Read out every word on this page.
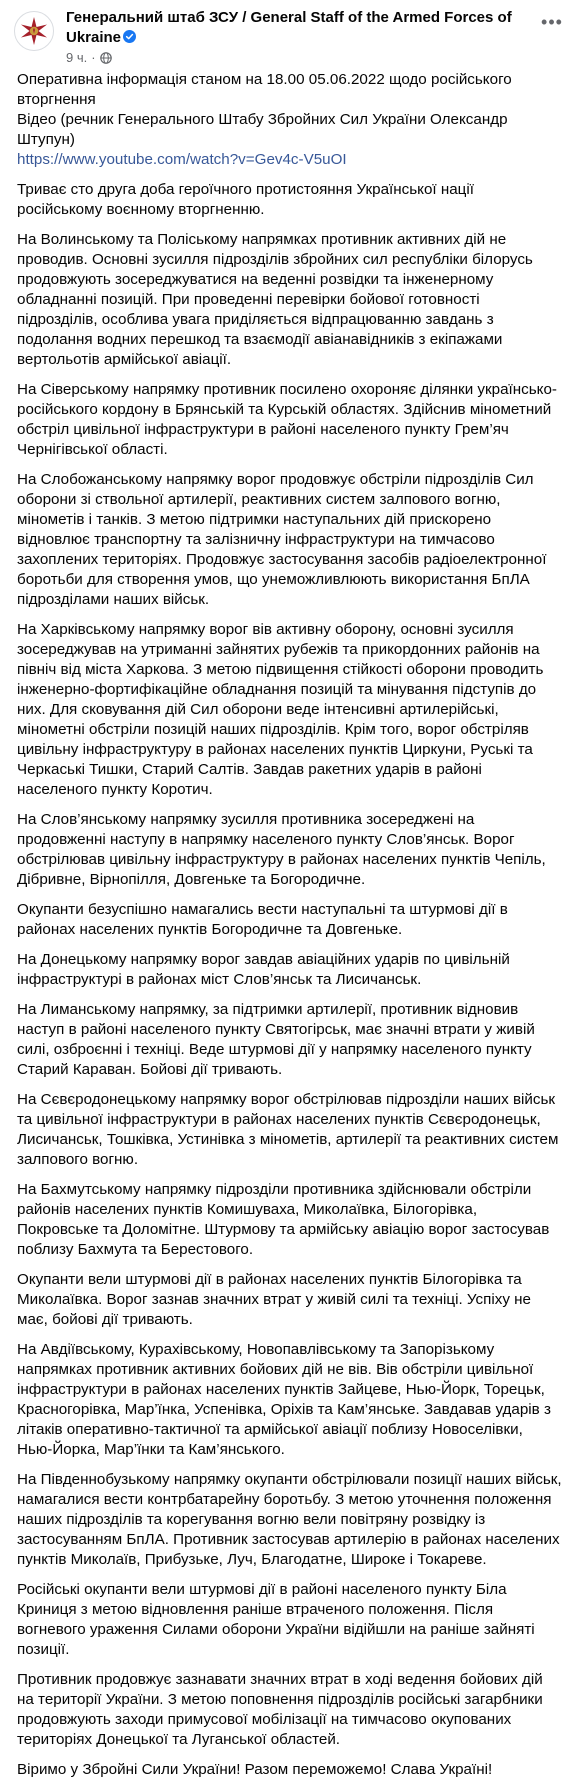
Генеральний штаб ЗСУ / General Staff of the Armed Forces of Ukraine
9 ч. ·
•••

Оперативна інформація станом на 18.00 05.06.2022 щодо російського вторгнення
Відео (речник Генерального Штабу Збройних Сил України Олександр Штупун)
https://www.youtube.com/watch?v=Gev4c-V5uOI

Триває сто друга доба героїчного протистояння Української нації російському воєнному вторгненню.

На Волинському та Поліському напрямках противник активних дій не проводив. Основні зусилля підрозділів збройних сил республіки білорусь продовжують зосереджуватися на веденні розвідки та інженерному обладнанні позицій. При проведенні перевірки бойової готовності підрозділів, особлива увага приділяється відпрацюванню завдань з подолання водних перешкод та взаємодії авіанавідників з екіпажами вертольотів армійської авіації.

На Сіверському напрямку противник посилено охороняє ділянки українсько-російського кордону в Брянській та Курській областях. Здійснив мінометний обстріл цивільної інфраструктури в районі населеного пункту Грем’яч Чернігівської області.

На Слобожанському напрямку ворог продовжує обстріли підрозділів Сил оборони зі ствольної артилерії, реактивних систем залпового вогню, мінометів і танків. З метою підтримки наступальних дій прискорено відновлює транспортну та залізничну інфраструктури на тимчасово захоплених територіях. Продовжує застосування засобів радіоелектронної боротьби для створення умов, що унеможливлюють використання БпЛА підрозділами наших військ.

На Харківському напрямку ворог вів активну оборону, основні зусилля зосереджував на утриманні зайнятих рубежів та прикордонних районів на північ від міста Харкова. З метою підвищення стійкості оборони проводить інженерно-фортифікаційне обладнання позицій та мінування підступів до них. Для сковування дій Сил оборони веде інтенсивні артилерійські, мінометні обстріли позицій наших підрозділів. Крім того, ворог обстріляв цивільну інфраструктуру в районах населених пунктів Циркуни, Руські та Черкаські Тишки, Старий Салтів. Завдав ракетних ударів в районі населеного пункту Коротич.

На Слов’янському напрямку зусилля противника зосереджені на продовженні наступу в напрямку населеного пункту Слов’янськ. Ворог обстрілював цивільну інфраструктуру в районах населених пунктів Чепіль, Дібривне, Вірнопілля, Довгеньке та Богородичне.

Окупанти безуспішно намагались вести наступальні та штурмові дії в районах населених пунктів Богородичне та Довгеньке.

На Донецькому напрямку ворог завдав авіаційних ударів по цивільній інфраструктурі в районах міст Слов’янськ та Лисичанськ.

На Лиманському напрямку, за підтримки артилерії, противник відновив наступ в районі населеного пункту Святогірськ, має значні втрати у живій силі, озброєнні і техніці. Веде штурмові дії у напрямку населеного пункту Старий Караван. Бойові дії тривають.

На Сєвєродонецькому напрямку ворог обстрілював підрозділи наших військ та цивільної інфраструктури в районах населених пунктів Сєвєродонецьк, Лисичанськ, Тошківка, Устинівка з мінометів, артилерії та реактивних систем залпового вогню.

На Бахмутському напрямку підрозділи противника здійснювали обстріли районів населених пунктів Комишуваха, Миколаївка, Білогорівка, Покровське та Доломітне. Штурмову та армійську авіацію ворог застосував поблизу Бахмута та Берестового.

Окупанти вели штурмові дії в районах населених пунктів Білогорівка та Миколаївка. Ворог зазнав значних втрат у живій силі та техніці. Успіху не має, бойові дії тривають.

На Авдіївському, Курахівському, Новопавлівському та Запорізькому напрямках противник активних бойових дій не вів. Вів обстріли цивільної інфраструктури в районах населених пунктів Зайцеве, Нью-Йорк, Торецьк, Красногорівка, Мар’їнка, Успенівка, Оріхів та Кам’янське. Завдавав ударів з літаків оперативно-тактичної та армійської авіації поблизу Новоселівки, Нью-Йорка, Мар’їнки та Кам’янського.

На Південнобузькому напрямку окупанти обстрілювали позиції наших військ, намагалися вести контрбатарейну боротьбу. З метою уточнення положення наших підрозділів та корегування вогню вели повітряну розвідку із застосуванням БпЛА. Противник застосував артилерію в районах населених пунктів Миколаїв, Прибузьке, Луч, Благодатне, Широке і Токареве.

Російські окупанти вели штурмові дії в районі населеного пункту Біла Криниця з метою відновлення раніше втраченого положення. Після вогневого ураження Силами оборони України відійшли на раніше зайняті позиції.

Противник продовжує зазнавати значних втрат в ході ведення бойових дій на території України. З метою поповнення підрозділів російські загарбники продовжують заходи примусової мобілізації на тимчасово окупованих територіях Донецької та Луганської областей.

Віримо у Збройні Сили України! Разом переможемо! Слава Україні!
